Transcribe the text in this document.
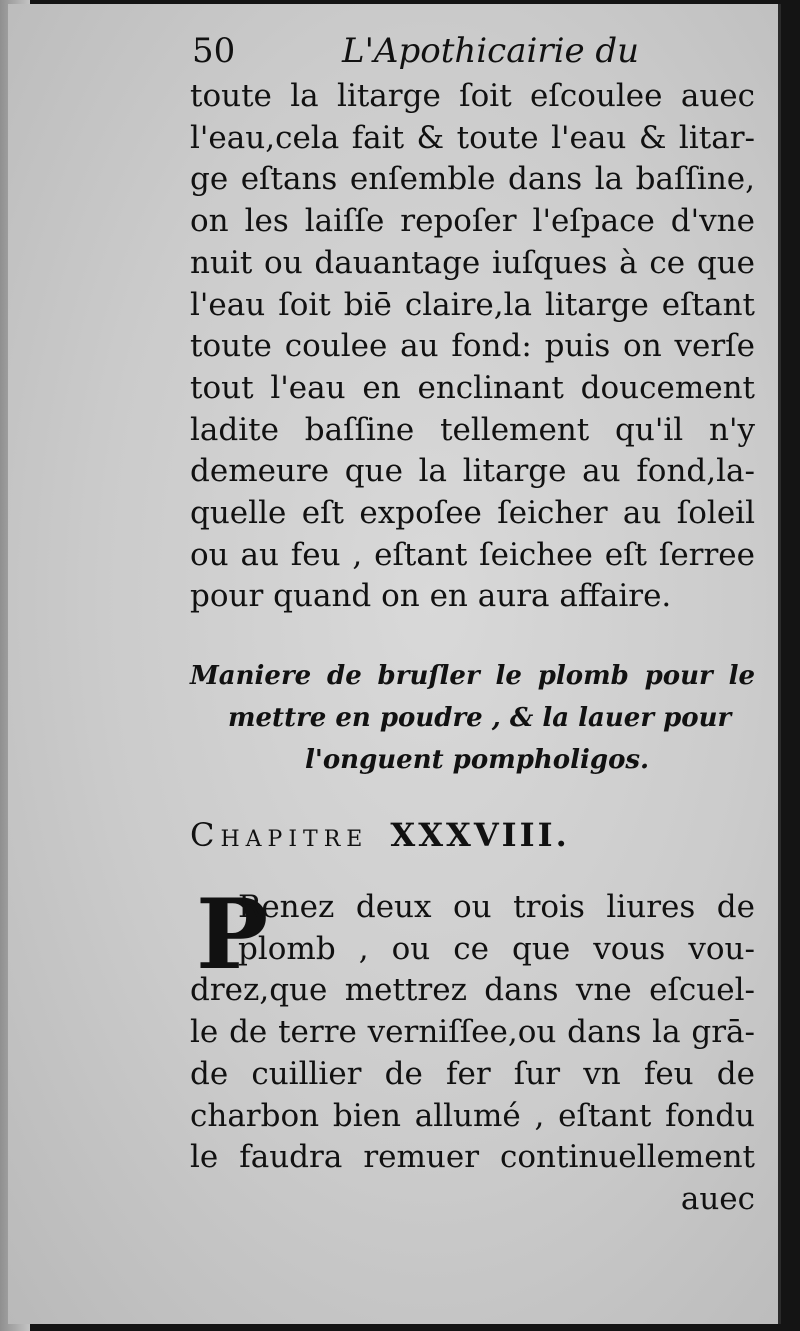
50	L'Apothicairie du
toute la litarge ſoit eſcoulee auec
l'eau,cela fait & toute l'eau & litar-
ge eſtans enſemble dans la baſſine,
on les laiſſe repoſer l'eſpace d'vne
nuit ou dauantage iuſques à ce que
l'eau ſoit biē claire,la litarge eſtant
toute coulee au fond: puis on verſe
tout l'eau en enclinant doucement
ladite baſſine tellement qu'il n'y
demeure que la litarge au fond,la-
quelle eſt expoſee ſeicher au ſoleil
ou au feu , eſtant ſeichee eſt ſerree
pour quand on en aura affaire.
Maniere de bruſler le plomb pour le
mettre en poudre , & la lauer pour
l'onguent pompholigos.
Chapitre XXXVIII.
P
Renez deux ou trois liures de
plomb , ou ce que vous vou-
drez,que mettrez dans vne eſcuel-
le de terre verniſſee,ou dans la grā-
de cuillier de fer ſur vn feu de
charbon bien allumé , eſtant fondu
le faudra remuer continuellement
auec
